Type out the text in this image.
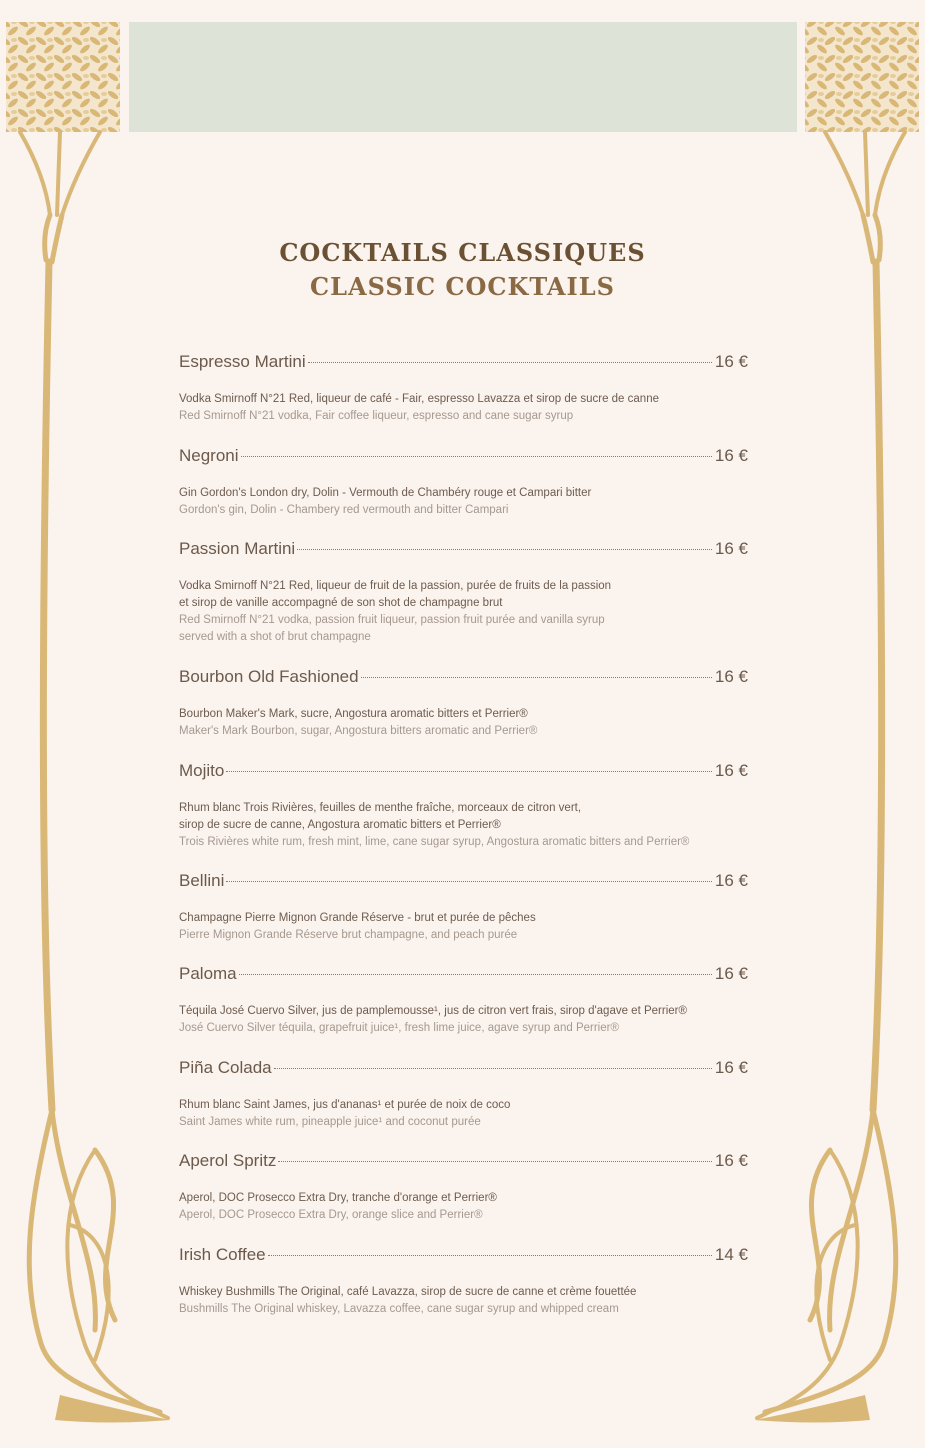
COCKTAILS CLASSIQUES
CLASSIC COCKTAILS
Espresso Martini	16 €
Vodka Smirnoff N°21 Red, liqueur de café - Fair, espresso Lavazza et sirop de sucre de canne
Red Smirnoff N°21 vodka, Fair coffee liqueur, espresso and cane sugar syrup
Negroni	16 €
Gin Gordon's London dry, Dolin - Vermouth de Chambéry rouge et Campari bitter
Gordon's gin, Dolin - Chambery red vermouth and bitter Campari
Passion Martini	16 €
Vodka Smirnoff N°21 Red, liqueur de fruit de la passion, purée de fruits de la passion
et sirop de vanille accompagné de son shot de champagne brut
Red Smirnoff N°21 vodka, passion fruit liqueur, passion fruit purée and vanilla syrup
served with a shot of brut champagne
Bourbon Old Fashioned	16 €
Bourbon Maker's Mark, sucre, Angostura aromatic bitters et Perrier®
Maker's Mark Bourbon, sugar, Angostura bitters aromatic and Perrier®
Mojito	16 €
Rhum blanc Trois Rivières, feuilles de menthe fraîche, morceaux de citron vert,
sirop de sucre de canne, Angostura aromatic bitters et Perrier®
Trois Rivières white rum, fresh mint, lime, cane sugar syrup, Angostura aromatic bitters and Perrier®
Bellini	16 €
Champagne Pierre Mignon Grande Réserve - brut et purée de pêches
Pierre Mignon Grande Réserve brut champagne, and peach purée
Paloma	16 €
Téquila José Cuervo Silver, jus de pamplemousse¹, jus de citron vert frais, sirop d'agave et Perrier®
José Cuervo Silver téquila, grapefruit juice¹, fresh lime juice, agave syrup and Perrier®
Piña Colada	16 €
Rhum blanc Saint James, jus d'ananas¹ et purée de noix de coco
Saint James white rum, pineapple juice¹ and coconut purée
Aperol Spritz	16 €
Aperol, DOC Prosecco Extra Dry, tranche d'orange et Perrier®
Aperol, DOC Prosecco Extra Dry, orange slice and Perrier®
Irish Coffee	14 €
Whiskey Bushmills The Original, café Lavazza, sirop de sucre de canne et crème fouettée
Bushmills The Original whiskey, Lavazza coffee, cane sugar syrup and whipped cream
